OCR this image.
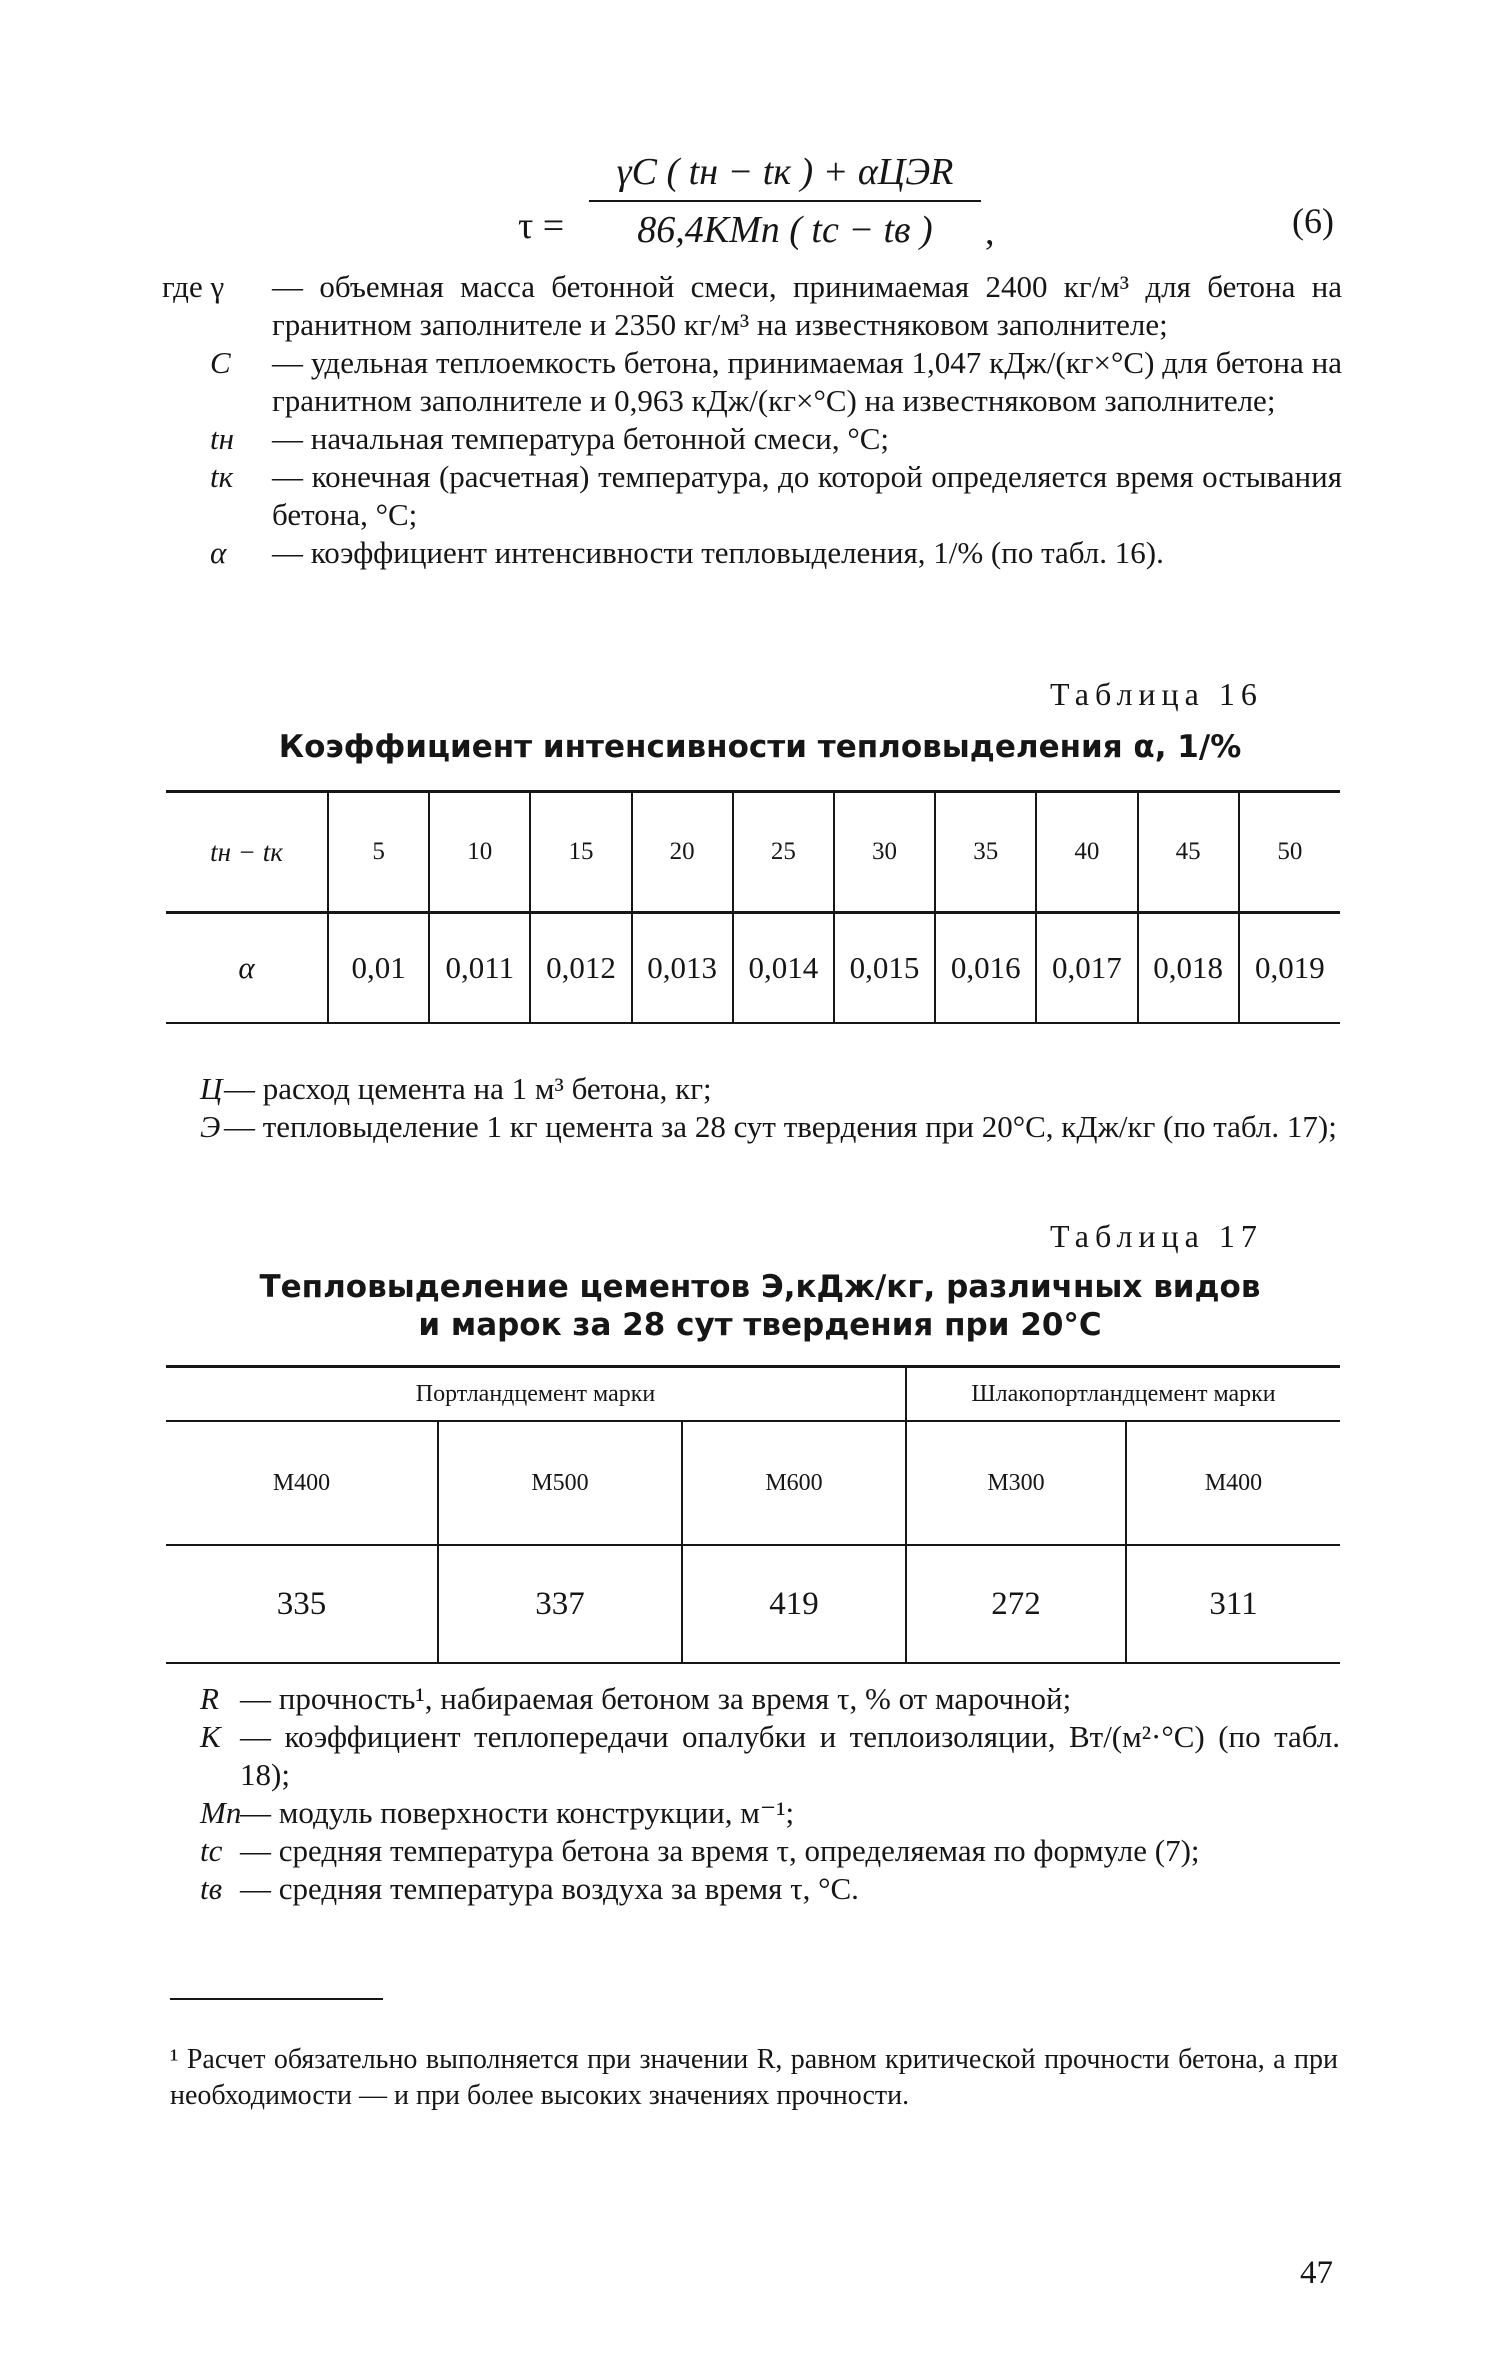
τ =
γC ( tн − tк ) + αЦЭR
86,4KMп ( tс − tв )	,	(6)
где γ	— объемная масса бетонной смеси, принимаемая 2400 кг/м³ для бетона на гранитном заполнителе и 2350 кг/м³ на известняковом заполнителе;
C	— удельная теплоемкость бетона, принимаемая 1,047 кДж/(кг×°C) для бетона на гранитном заполнителе и 0,963 кДж/(кг×°C) на известняковом заполнителе;
tн	— начальная температура бетонной смеси, °C;
tк	— конечная (расчетная) температура, до которой определяется время остывания бетона, °C;
α	— коэффициент интенсивности тепловыделения, 1/% (по табл. 16).
Таблица 16
Коэффициент интенсивности тепловыделения α, 1/%
tн − tк	5	10	15	20	25	30	35	40	45	50
α	0,01	0,011	0,012	0,013	0,014	0,015	0,016	0,017	0,018	0,019
Ц — расход цемента на 1 м³ бетона, кг;
Э — тепловыделение 1 кг цемента за 28 сут твердения при 20°C, кДж/кг (по табл. 17);
Таблица 17
Тепловыделение цементов Э,кДж/кг, различных видов
и марок за 28 сут твердения при 20°C
Портландцемент марки			Шлакопортландцемент марки	
М400	М500	М600	М300	М400
335	337	419	272	311
R — прочность¹, набираемая бетоном за время τ, % от марочной;
K — коэффициент теплопередачи опалубки и теплоизоляции, Вт/(м²·°C) (по табл. 18);
Mп
— модуль поверхности конструкции, м⁻¹;
tс — средняя температура бетона за время τ, определяемая по формуле (7);
tв — средняя температура воздуха за время τ, °C.
¹ Расчет обязательно выполняется при значении R, равном критической прочности бетона, а при необходимости — и при более высоких значениях прочности.
47
